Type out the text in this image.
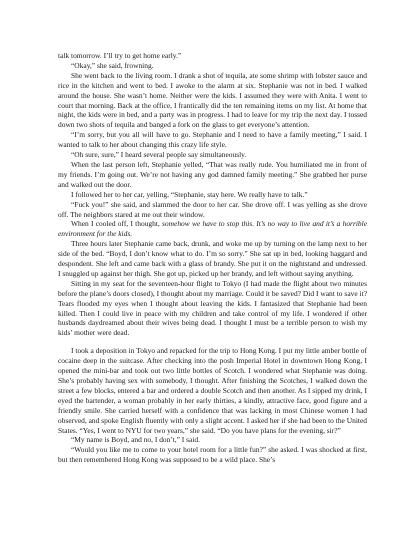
talk tomorrow. I’ll try to get home early.”

“Okay,” she said, frowning.

She went back to the living room. I drank a shot of tequila, ate some shrimp with lobster sauce and rice in the kitchen and went to bed. I awoke to the alarm at six. Stephanie was not in bed. I walked around the house. She wasn’t home. Neither were the kids. I assumed they were with Anita. I went to court that morning. Back at the office, I frantically did the ten remaining items on my list. At home that night, the kids were in bed, and a party was in progress. I had to leave for my trip the next day. I tossed down two shots of tequila and banged a fork on the glass to get everyone’s attention.

“I’m sorry, but you all will have to go. Stephanie and I need to have a family meeting,” I said. I wanted to talk to her about changing this crazy life style.

“Oh sure, sure,” I heard several people say simultaneously.

When the last person left, Stephanie yelled, “That was really rude. You humiliated me in front of my friends. I’m going out. We’re not having any god damned family meeting.” She grabbed her purse and walked out the door.

I followed her to her car, yelling, “Stephanie, stay here. We really have to talk.”

“Fuck you!” she said, and slammed the door to her car. She drove off. I was yelling as she drove off. The neighbors stared at me out their window.

When I cooled off, I thought, somehow we have to stop this. It’s no way to live and it’s a horrible environment for the kids.

Three hours later Stephanie came back, drunk, and woke me up by turning on the lamp next to her side of the bed. “Boyd, I don’t know what to do. I’m so sorry.” She sat up in bed, looking haggard and despondent. She left and came back with a glass of brandy. She put it on the nightstand and undressed. I snuggled up against her thigh. She got up, picked up her brandy, and left without saying anything.

Sitting in my seat for the seventeen-hour flight to Tokyo (I had made the flight about two minutes before the plane’s doors closed), I thought about my marriage. Could it be saved? Did I want to save it? Tears flooded my eyes when I thought about leaving the kids. I fantasized that Stephanie had been killed. Then I could live in peace with my children and take control of my life. I wondered if other husbands daydreamed about their wives being dead. I thought I must be a terrible person to wish my kids’ mother were dead.

I took a deposition in Tokyo and repacked for the trip to Hong Kong. I put my little amber bottle of cocaine deep in the suitcase. After checking into the posh Imperial Hotel in downtown Hong Kong, I opened the mini-bar and took out two little bottles of Scotch. I wondered what Stephanie was doing. She’s probably having sex with somebody, I thought. After finishing the Scotches, I walked down the street a few blocks, entered a bar and ordered a double Scotch and then another. As I sipped my drink, I eyed the bartender, a woman probably in her early thirties, a kindly, attractive face, good figure and a friendly smile. She carried herself with a confidence that was lacking in most Chinese women I had observed, and spoke English fluently with only a slight accent. I asked her if she had been to the United States. “Yes, I went to NYU for two years,” she said. “Do you have plans for the evening, sir?”

“My name is Boyd, and no, I don’t,” I said.

“Would you like me to come to your hotel room for a little fun?” she asked. I was shocked at first, but then remembered Hong Kong was supposed to be a wild place. She’s
